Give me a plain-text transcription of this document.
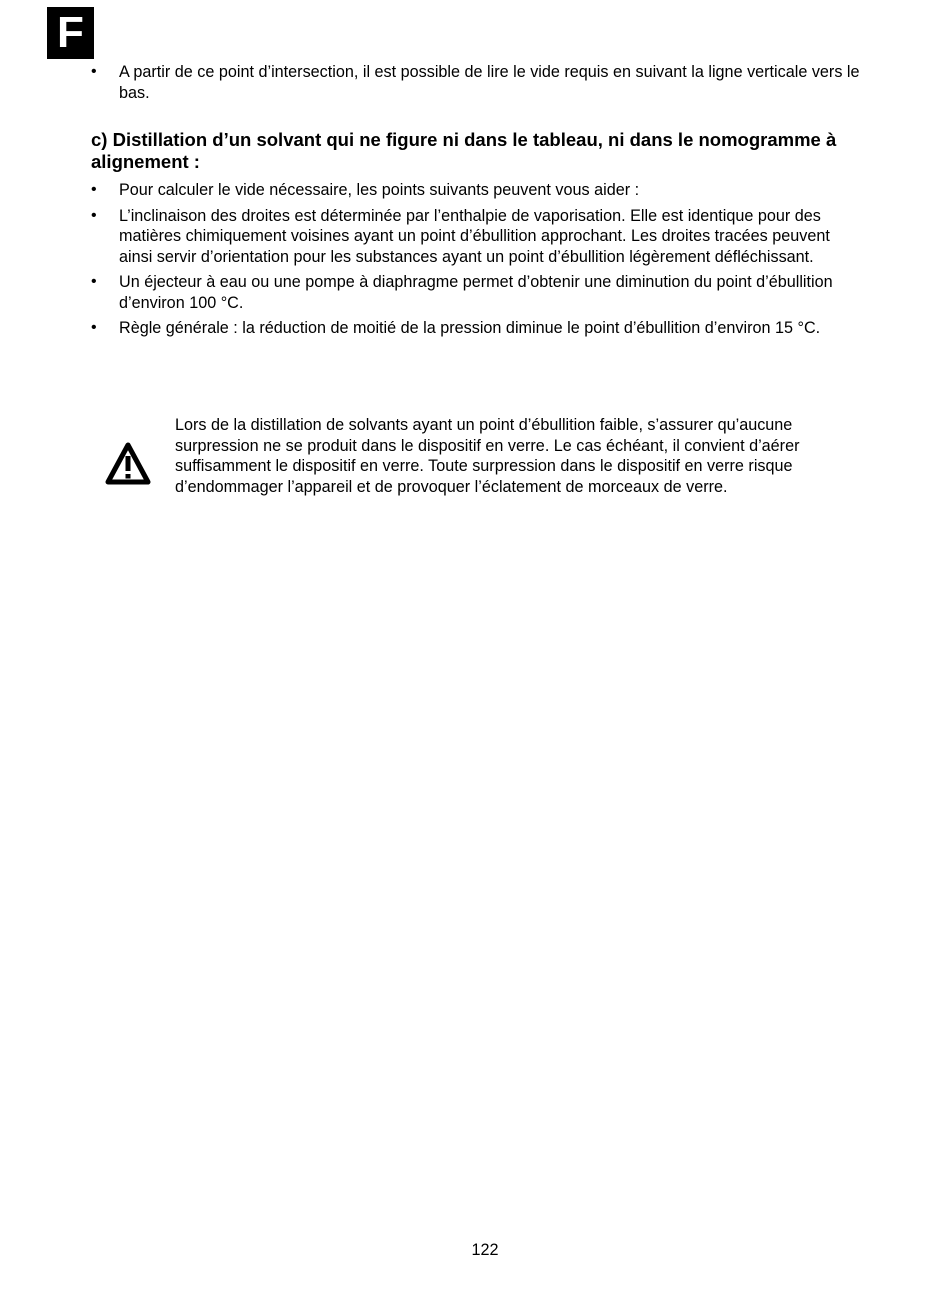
F
• A partir de ce point d’intersection, il est possible de lire le vide requis en suivant la ligne verticale vers le bas.
c) Distillation d’un solvant qui ne figure ni dans le tableau, ni dans le nomogramme à alignement :
• Pour calculer le vide nécessaire, les points suivants peuvent vous aider :
• L’inclinaison des droites est déterminée par l’enthalpie de vaporisation. Elle est identique pour des matières chimiquement voisines ayant un point d’ébullition approchant. Les droites tracées peuvent ainsi servir d’orientation pour les substances ayant un point d’ébullition légèrement défléchissant.
• Un éjecteur à eau ou une pompe à diaphragme permet d’obtenir une diminution du point d’ébullition d’environ 100 °C.
• Règle générale : la réduction de moitié de la pression diminue le point d’ébullition d’environ 15 °C.
Lors de la distillation de solvants ayant un point d’ébullition faible, s’assurer qu’aucune surpression ne se produit dans le dispositif en verre. Le cas échéant, il convient d’aérer suffisamment le dispositif en verre. Toute surpression dans le dispositif en verre risque d’endommager l’appareil et de provoquer l’éclatement de morceaux de verre.
122
